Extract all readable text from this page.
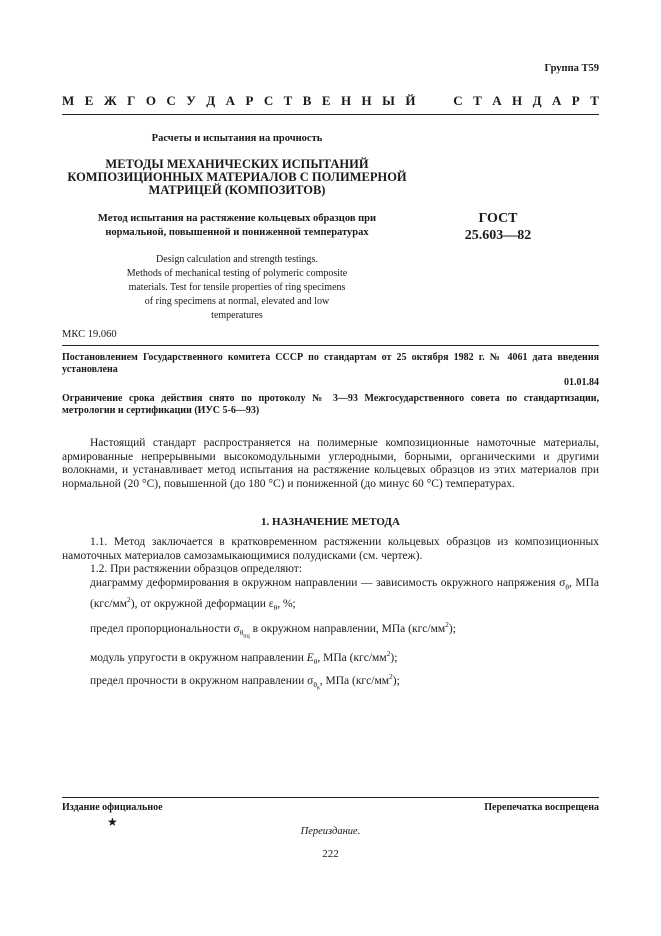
Группа Т59
М Е Ж Г О С У Д А Р С Т В Е Н Н Ы Й

	С Т А Н Д А Р Т
Расчеты и испытания на прочность
МЕТОДЫ МЕХАНИЧЕСКИХ ИСПЫТАНИЙ
КОМПОЗИЦИОННЫХ МАТЕРИАЛОВ С ПОЛИМЕРНОЙ
МАТРИЦЕЙ (КОМПОЗИТОВ)
Метод испытания на растяжение кольцевых образцов при
нормальной, повышенной и пониженной температурах
ГОСТ
25.603—82
Design calculation and strength testings.
Methods of mechanical testing of polymeric composite
materials. Test for tensile properties of ring specimens
of ring specimens at normal, elevated and low
temperatures
МКС 19.060
Постановлением Государственного комитета СССР по стандартам от 25 октября 1982 г. № 4061 дата введения установлена
01.01.84
Ограничение срока действия снято по протоколу № 3—93 Межгосударственного совета по стандартизации, метрологии и сертификации (ИУС 5-6—93)
Настоящий стандарт распространяется на полимерные композиционные намоточные материалы, армированные непрерывными высокомодульными углеродными, борными, органическими и другими волокнами, и устанавливает метод испытания на растяжение кольцевых образцов из этих материалов при нормальной (20 °С), повышенной (до 180 °С) и пониженной (до минус 60 °С) температурах.
1. НАЗНАЧЕНИЕ МЕТОДА
1.1. Метод заключается в кратковременном растяжении кольцевых образцов из композиционных намоточных материалов самозамыкающимися полудисками (см. чертеж).
1.2. При растяжении образцов определяют:
диаграмму деформирования в окружном направлении — зависимость окружного напряжения $\sigma_\theta$, МПа $(кгс/мм^2)$, от окружной деформации $\varepsilon_\theta$, %;
предел пропорциональности $\sigma_{\theta_{пц}}$ в окружном направлении, МПа $(кгс/мм^2)$;
модуль упругости в окружном направлении $E_\theta$, МПа $(кгс/мм^2)$;
предел прочности в окружном направлении $\sigma_{\theta_в}$, МПа $(кгс/мм^2)$;
Издание официальное	Перепечатка воспрещена
★
Переиздание.
222
